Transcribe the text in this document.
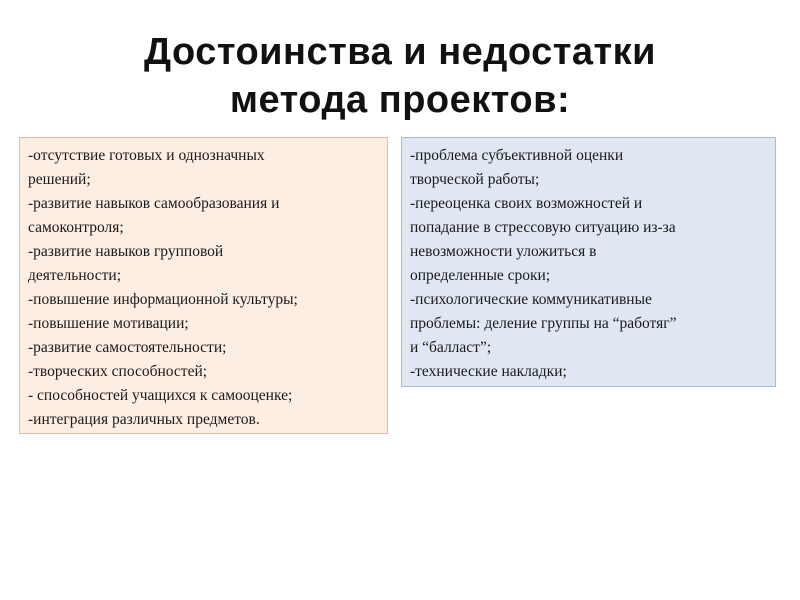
Достоинства и недостатки
метода проектов:
-отсутствие готовых и однозначных
решений;
-развитие навыков самообразования и
самоконтроля;
-развитие навыков групповой
деятельности;
-повышение информационной культуры;
-повышение мотивации;
-развитие самостоятельности;
-творческих способностей;
- способностей учащихся к самооценке;
-интеграция различных предметов.
-проблема субъективной оценки
творческой работы;
-переоценка своих возможностей и
попадание в стрессовую ситуацию из-за
невозможности уложиться в
определенные сроки;
-психологические коммуникативные
проблемы: деление группы на “работяг”
и “балласт”;
-технические накладки;
